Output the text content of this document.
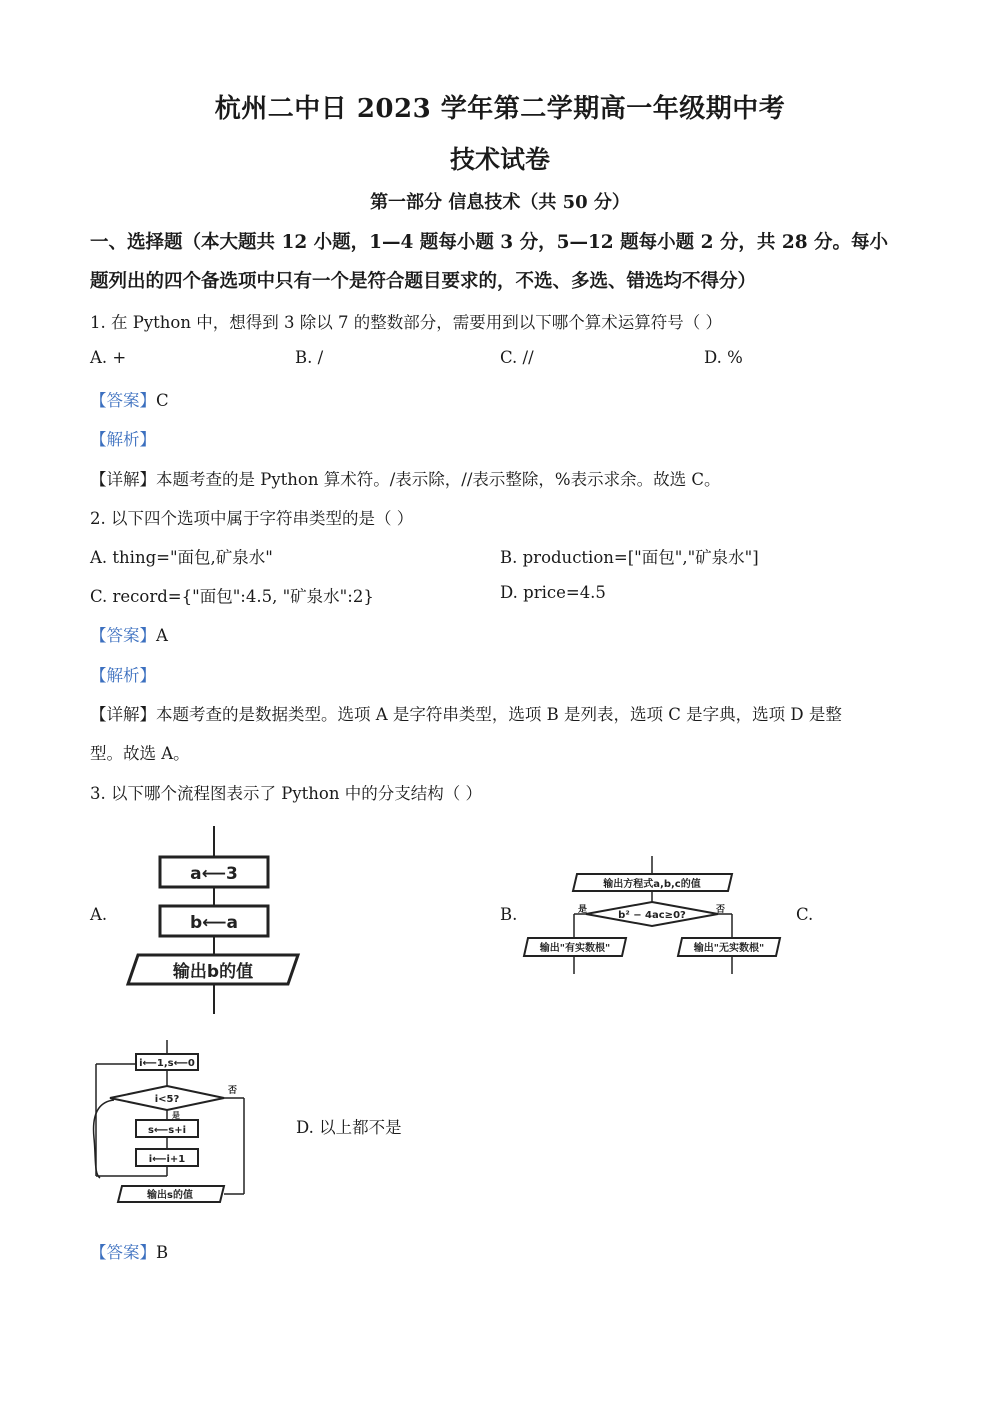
杭州二中日 2023 学年第二学期高一年级期中考
技术试卷
第一部分 信息技术（共 50 分）
一、选择题（本大题共 12 小题，1—4 题每小题 3 分，5—12 题每小题 2 分，共 28 分。每小
题列出的四个备选项中只有一个是符合题目要求的，不选、多选、错选均不得分）
1. 在 Python 中，想得到 3 除以 7 的整数部分，需要用到以下哪个算术运算符号（ ）
A. +	B. /	C. //	D. %
【答案】C
【解析】
【详解】本题考查的是 Python 算术符。/表示除，//表示整除，%表示求余。故选 C。
2. 以下四个选项中属于字符串类型的是（ ）
A. thing="面包,矿泉水"	B. production=["面包","矿泉水"]
C. record={"面包":4.5, "矿泉水":2}	D. price=4.5
【答案】A
【解析】
【详解】本题考查的是数据类型。选项 A 是字符串类型，选项 B 是列表，选项 C 是字典，选项 D 是整
型。故选 A。
3. 以下哪个流程图表示了 Python 中的分支结构（ ）
A.	B.	C.
D. 以上都不是
a⟵3
b⟵a
输出b的值
输出方程式a,b,c的值
b² − 4ac≥0?
是	否
输出"有实数根"	输出"无实数根"
i⟵1,s⟵0
i<5?
是
否
s⟵s+i
i⟵i+1
输出s的值
【答案】B
